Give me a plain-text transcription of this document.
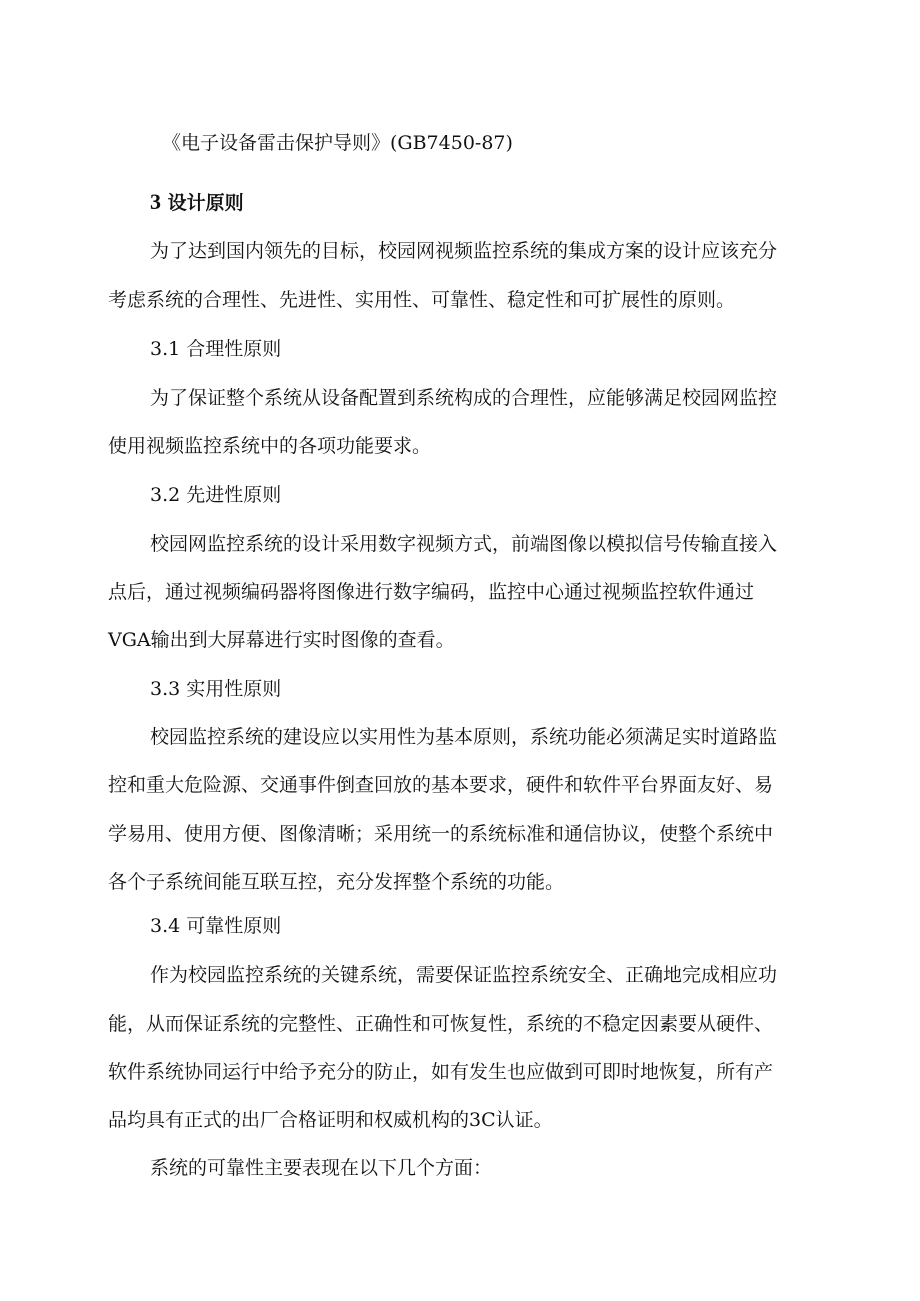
《电子设备雷击保护导则》(GB7450-87)
3 设计原则
为了达到国内领先的目标，校园网视频监控系统的集成方案的设计应该充分
考虑系统的合理性、先进性、实用性、可靠性、稳定性和可扩展性的原则。
3.1 合理性原则
为了保证整个系统从设备配置到系统构成的合理性，应能够满足校园网监控
使用视频监控系统中的各项功能要求。
3.2 先进性原则
校园网监控系统的设计采用数字视频方式，前端图像以模拟信号传输直接入
点后，通过视频编码器将图像进行数字编码，监控中心通过视频监控软件通过
VGA输出到大屏幕进行实时图像的查看。
3.3 实用性原则
校园监控系统的建设应以实用性为基本原则，系统功能必须满足实时道路监
控和重大危险源、交通事件倒查回放的基本要求，硬件和软件平台界面友好、易
学易用、使用方便、图像清晰；采用统一的系统标准和通信协议，使整个系统中
各个子系统间能互联互控，充分发挥整个系统的功能。
3.4 可靠性原则
作为校园监控系统的关键系统，需要保证监控系统安全、正确地完成相应功
能，从而保证系统的完整性、正确性和可恢复性，系统的不稳定因素要从硬件、
软件系统协同运行中给予充分的防止，如有发生也应做到可即时地恢复，所有产
品均具有正式的出厂合格证明和权威机构的3C认证。
系统的可靠性主要表现在以下几个方面：
